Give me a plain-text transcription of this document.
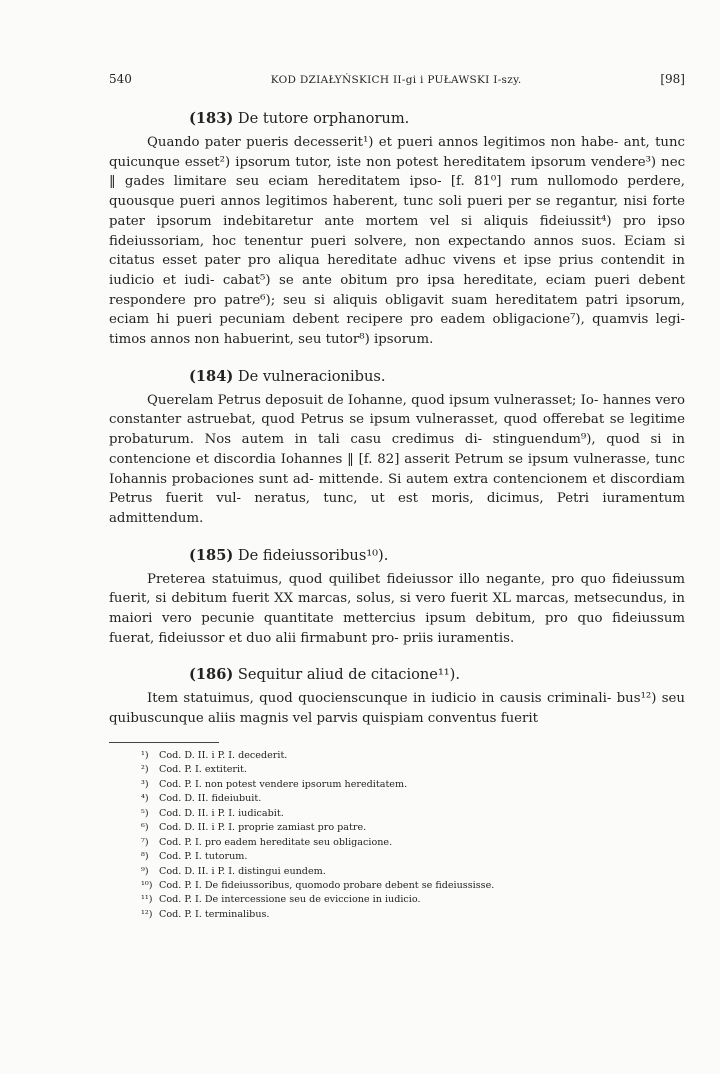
540	KOD DZIAŁYŃSKICH II-gi i PUŁAWSKI I-szy.	[98]
(183) De tutore orphanorum.

Quando pater pueris decesserit¹) et pueri annos legitimos non habe- ant, tunc quicunque esset²) ipsorum tutor, iste non potest hereditatem ipsorum vendere³) nec ‖ gades limitare seu eciam hereditatem ipso- [f. 81⁰] rum nullomodo perdere, quousque pueri annos legitimos haberent, tunc soli pueri per se regantur, nisi forte pater ipsorum indebitaretur ante mortem vel si aliquis fideiussit⁴) pro ipso fideiussoriam, hoc tenentur pueri solvere, non expectando annos suos. Eciam si citatus esset pater pro aliqua hereditate adhuc vivens et ipse prius contendit in iudicio et iudi- cabat⁵) se ante obitum pro ipsa hereditate, eciam pueri debent respondere pro patre⁶); seu si aliquis obligavit suam hereditatem patri ipsorum, eciam hi pueri pecuniam debent recipere pro eadem obligacione⁷), quamvis legi- timos annos non habuerint, seu tutor⁸) ipsorum.

(184) De vulneracionibus.

Querelam Petrus deposuit de Iohanne, quod ipsum vulnerasset; Io- hannes vero constanter astruebat, quod Petrus se ipsum vulnerasset, quod offerebat se legitime probaturum. Nos autem in tali casu credimus di- stinguendum⁹), quod si in contencione et discordia Iohannes ‖ [f. 82] asserit Petrum se ipsum vulnerasse, tunc Iohannis probaciones sunt ad- mittende. Si autem extra contencionem et discordiam Petrus fuerit vul- neratus, tunc, ut est moris, dicimus, Petri iuramentum admittendum.

(185) De fideiussoribus¹⁰).

Preterea statuimus, quod quilibet fideiussor illo negante, pro quo fideiussum fuerit, si debitum fuerit XX marcas, solus, si vero fuerit XL marcas, metsecundus, in maiori vero pecunie quantitate mettercius ipsum debitum, pro quo fideiussum fuerat, fideiussor et duo alii firmabunt pro- priis iuramentis.

(186) Sequitur aliud de citacione¹¹).

Item statuimus, quod quocienscunque in iudicio in causis criminali- bus¹²) seu quibuscunque aliis magnis vel parvis quispiam conventus fuerit

¹) Cod. D. II. i P. I. decederit.
²) Cod. P. I. extiterit.
³) Cod. P. I. non potest vendere ipsorum hereditatem.
⁴) Cod. D. II. fideiubuit.
⁵) Cod. D. II. i P. I. iudicabit.
⁶) Cod. D. II. i P. I. proprie zamiast pro patre.
⁷) Cod. P. I. pro eadem hereditate seu obligacione.
⁸) Cod. P. I. tutorum.
⁹) Cod. D. II. i P. I. distingui eundem.
¹⁰) Cod. P. I. De fideiussoribus, quomodo probare debent se fideiussisse.
¹¹) Cod. P. I. De intercessione seu de eviccione in iudicio.
¹²) Cod. P. I. terminalibus.
